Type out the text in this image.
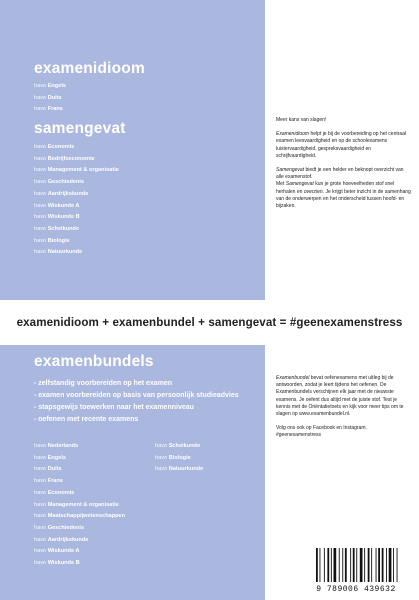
examenidioom
havo Engels
havo Duits
havo Frans
samengevat
havo Economie
havo Bedrijfseconomie
havo Management & organisatie
havo Geschiedenis
havo Aardrijkskunde
havo Wiskunde A
havo Wiskunde B
havo Scheikunde
havo Biologie
havo Natuurkunde

Meer kans van slagen!

Examenidioom helpt je bij de voorbereiding op het centraal examen leesvaardigheid en op de schoolexamens luistervaardigheid, gespreksvaardigheid en schrijfvaardigheid.

Samengevat biedt je een helder en beknopt overzicht van alle examenstof.

Met Samengevat kun je grote hoeveelheden stof snel herhalen en overzien. Je krijgt beter inzicht in de samenhang van de onderwerpen en het onderscheid tussen hoofd- en bijzaken.

examenidioom + examenbundel + samengevat = #geenexamenstress
examenbundels
- zelfstandig voorbereiden op het examen
- examen voorbereiden op basis van persoonlijk studieadvies
- stapsgewijs toewerken naar het examenniveau
- oefenen met recente examens
havo Nederlands
havo Engels
havo Duits
havo Frans
havo Economie
havo Management & organisatie
havo Maatschappijwetenschappen
havo Geschiedenis
havo Aardrijkskunde
havo Wiskunde A
havo Wiskunde B
havo Scheikunde
havo Biologie
havo Natuurkunde

Examenbundel bevat oefenexamens met uitleg bij de antwoorden, zodat je leert tijdens het oefenen. De Examenbundels verschijnen elk jaar met de nieuwste examens. Je oefent dus altijd met de juiste stof. Test je kennis met de Oriëntatietoets en kijk voor meer tips om te slagen op www.examenbundel.nl.

Volg ons ook op Facebook en Instagram. #geenexamenstress

9 789006 439632
